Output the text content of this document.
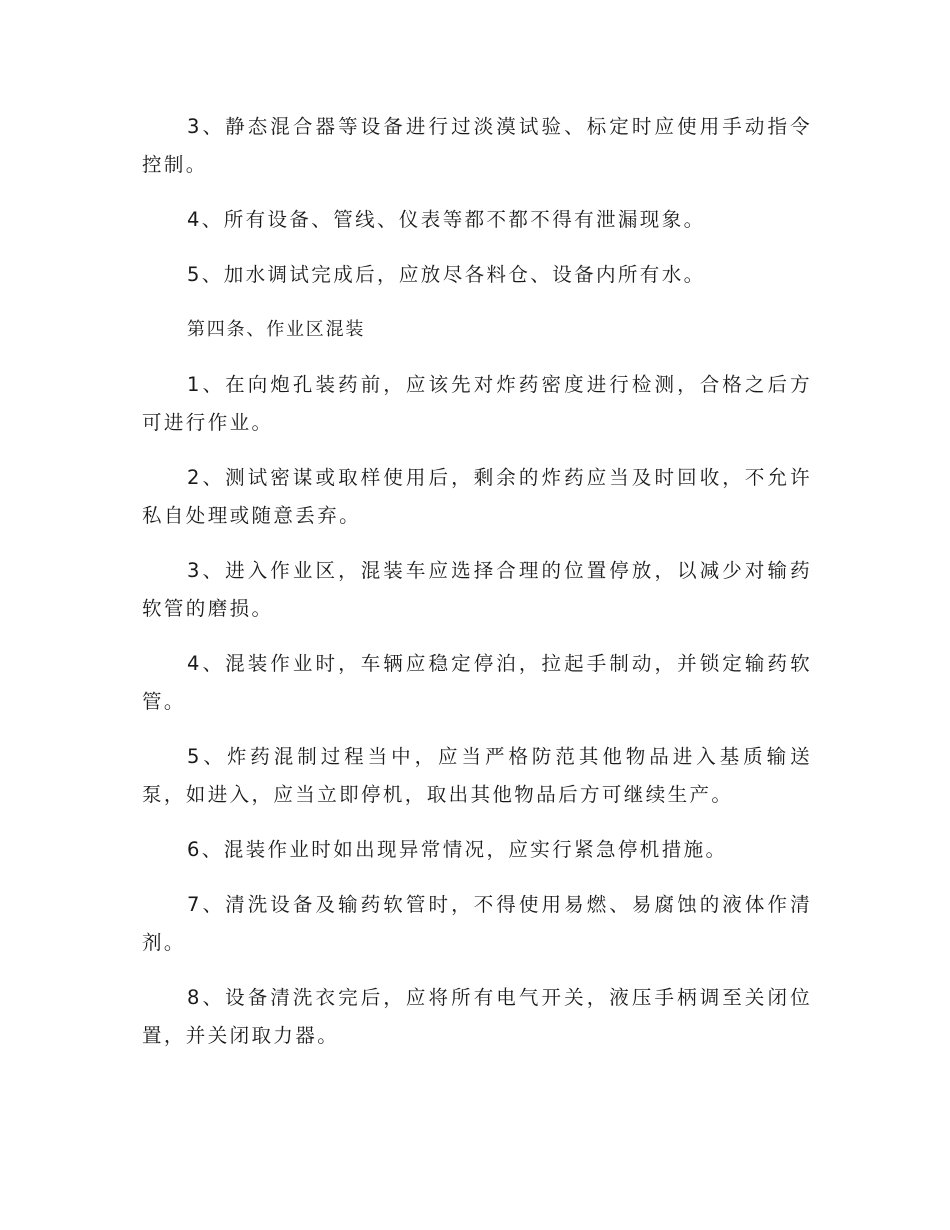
3、静态混合器等设备进行过淡漠试验、标定时应使用手动指令控制。

4、所有设备、管线、仪表等都不都不得有泄漏现象。

5、加水调试完成后，应放尽各料仓、设备内所有水。

第四条、作业区混装

1、在向炮孔装药前，应该先对炸药密度进行检测，合格之后方可进行作业。

2、测试密谋或取样使用后，剩余的炸药应当及时回收，不允许私自处理或随意丢弃。

3、进入作业区，混装车应选择合理的位置停放，以减少对输药软管的磨损。

4、混装作业时，车辆应稳定停泊，拉起手制动，并锁定输药软管。

5、炸药混制过程当中，应当严格防范其他物品进入基质输送泵，如进入，应当立即停机，取出其他物品后方可继续生产。

6、混装作业时如出现异常情况，应实行紧急停机措施。

7、清洗设备及输药软管时，不得使用易燃、易腐蚀的液体作清剂。

8、设备清洗衣完后，应将所有电气开关，液压手柄调至关闭位置，并关闭取力器。
